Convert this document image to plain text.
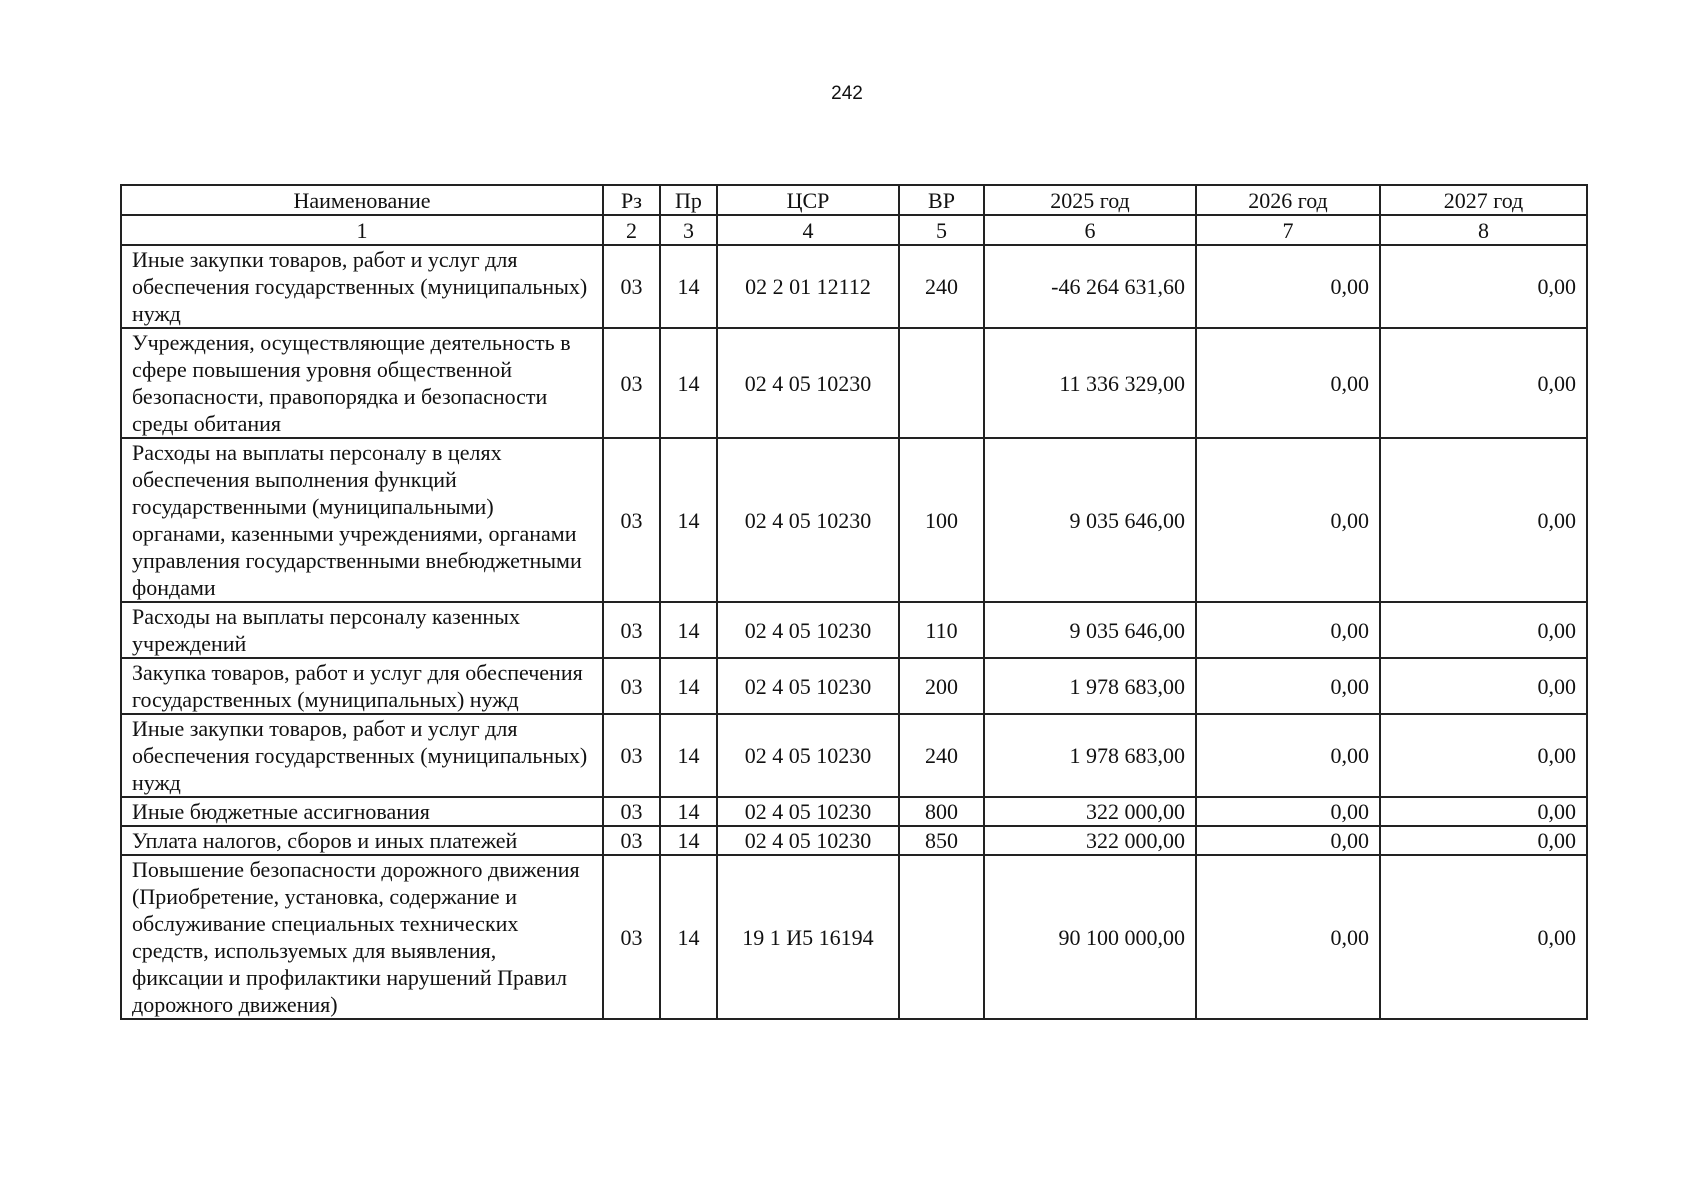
242
Наименование	Рз	Пр	ЦСР	ВР	2025 год	2026 год	2027 год
1	2	3	4	5	6	7	8
Иные закупки товаров, работ и услуг для обеспечения государственных (муниципальных) нужд	03	14	02 2 01 12112	240	-46 264 631,60	0,00	0,00
Учреждения, осуществляющие деятельность в сфере повышения уровня общественной безопасности, правопорядка и безопасности среды обитания	03	14	02 4 05 10230		11 336 329,00	0,00	0,00
Расходы на выплаты персоналу в целях обеспечения выполнения функций государственными (муниципальными) органами, казенными учреждениями, органами управления государственными внебюджетными фондами	03	14	02 4 05 10230	100	9 035 646,00	0,00	0,00
Расходы на выплаты персоналу казенных учреждений	03	14	02 4 05 10230	110	9 035 646,00	0,00	0,00
Закупка товаров, работ и услуг для обеспечения государственных (муниципальных) нужд	03	14	02 4 05 10230	200	1 978 683,00	0,00	0,00
Иные закупки товаров, работ и услуг для обеспечения государственных (муниципальных) нужд	03	14	02 4 05 10230	240	1 978 683,00	0,00	0,00
Иные бюджетные ассигнования	03	14	02 4 05 10230	800	322 000,00	0,00	0,00
Уплата налогов, сборов и иных платежей	03	14	02 4 05 10230	850	322 000,00	0,00	0,00
Повышение безопасности дорожного движения (Приобретение, установка, содержание и обслуживание специальных технических средств, используемых для выявления, фиксации и профилактики нарушений Правил дорожного движения)	03	14	19 1 И5 16194		90 100 000,00	0,00	0,00
